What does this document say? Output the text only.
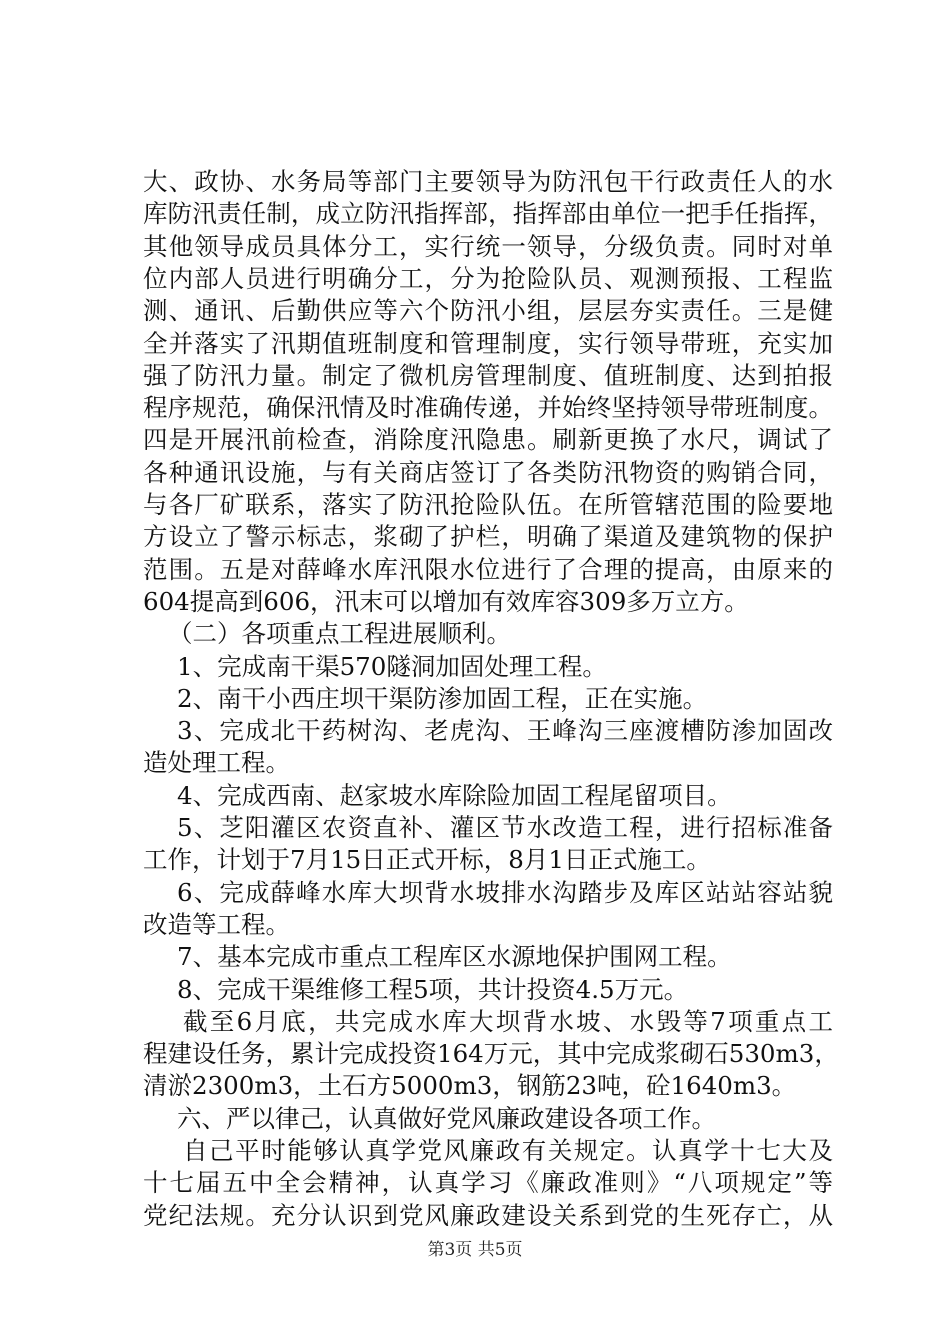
大、政协、水务局等部门主要领导为防汛包干行政责任人的水
库防汛责任制，成立防汛指挥部，指挥部由单位一把手任指挥，
其他领导成员具体分工，实行统一领导，分级负责。同时对单
位内部人员进行明确分工，分为抢险队员、观测预报、工程监
测、通讯、后勤供应等六个防汛小组，层层夯实责任。三是健
全并落实了汛期值班制度和管理制度，实行领导带班，充实加
强了防汛力量。制定了微机房管理制度、值班制度、达到拍报
程序规范，确保汛情及时准确传递，并始终坚持领导带班制度。
四是开展汛前检查，消除度汛隐患。刷新更换了水尺，调试了
各种通讯设施，与有关商店签订了各类防汛物资的购销合同，
与各厂矿联系，落实了防汛抢险队伍。在所管辖范围的险要地
方设立了警示标志，浆砌了护栏，明确了渠道及建筑物的保护
范围。五是对薛峰水库汛限水位进行了合理的提高，由原来的
604提高到606，汛末可以增加有效库容309多万立方。
（二）各项重点工程进展顺利。
1、完成南干渠570隧洞加固处理工程。
2、南干小西庄坝干渠防渗加固工程，正在实施。
3、完成北干药树沟、老虎沟、王峰沟三座渡槽防渗加固改
造处理工程。
4、完成西南、赵家坡水库除险加固工程尾留项目。
5、芝阳灌区农资直补、灌区节水改造工程，进行招标准备
工作，计划于7月15日正式开标，8月1日正式施工。
6、完成薛峰水库大坝背水坡排水沟踏步及库区站站容站貌
改造等工程。
7、基本完成市重点工程库区水源地保护围网工程。
8、完成干渠维修工程5项，共计投资4.5万元。
截至6月底，共完成水库大坝背水坡、水毁等7项重点工
程建设任务，累计完成投资164万元，其中完成浆砌石530m3，
六、严以律己，认真做好党风廉政建设各项工作。
自己平时能够认真学党风廉政有关规定。认真学十七大及
十七届五中全会精神，认真学习《廉政准则》“八项规定”等
党纪法规。充分认识到党风廉政建设关系到党的生死存亡，从
清淤2300m3，土石方5000m3，钢筋23吨，砼1640m3。
第3页 共5页
